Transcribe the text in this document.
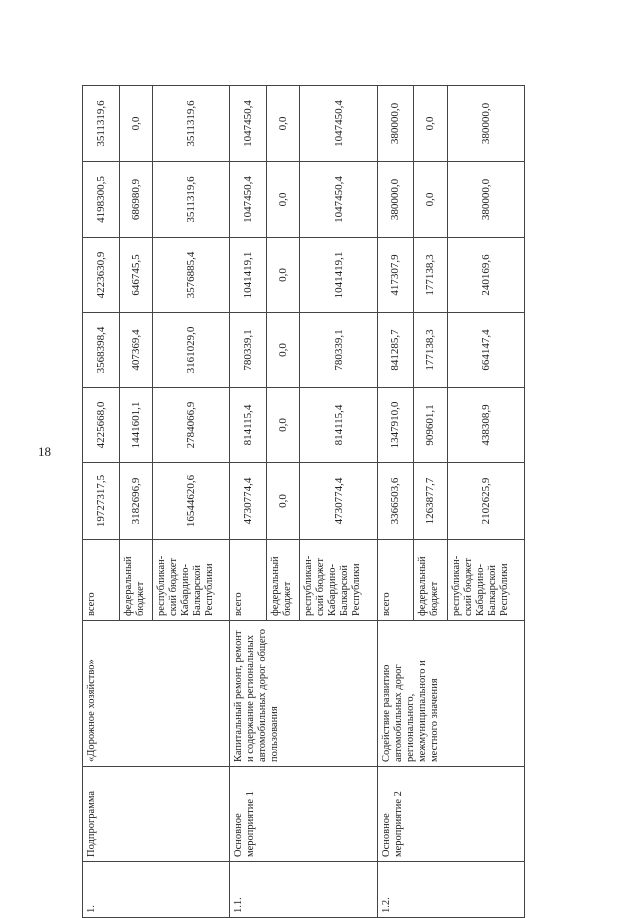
18
1.	Подпрограмма	«Дорожное хозяйство»	всего	19727317,5	4225668,0	3568398,4	4223630,9	4198300,5	3511319,6
			федеральный бюджет	3182696,9	1441601,1	407369,4	646745,5	686980,9	0,0
			республикан-ский бюджет Кабардино-Балкарской Республики	16544620,6	2784066,9	3161029,0	3576885,4	3511319,6	3511319,6
1.1.	Основное мероприятие 1	Капитальный ремонт, ремонт и содержание региональных автомобильных дорог общего пользования	всего	4730774,4	814115,4	780339,1	1041419,1	1047450,4	1047450,4
			федеральный бюджет	0,0	0,0	0,0	0,0	0,0	0,0
			республикан-ский бюджет Кабардино-Балкарской Республики	4730774,4	814115,4	780339,1	1041419,1	1047450,4	1047450,4
1.2.	Основное мероприятие 2	Содействие развитию автомобильных дорог регионального, межмуниципального и местного значения	всего	3366503,6	1347910,0	841285,7	417307,9	380000,0	380000,0
			федеральный бюджет	1263877,7	909601,1	177138,3	177138,3	0,0	0,0
			республикан-ский бюджет Кабардино-Балкарской Республики	2102625,9	438308,9	664147,4	240169,6	380000,0	380000,0
